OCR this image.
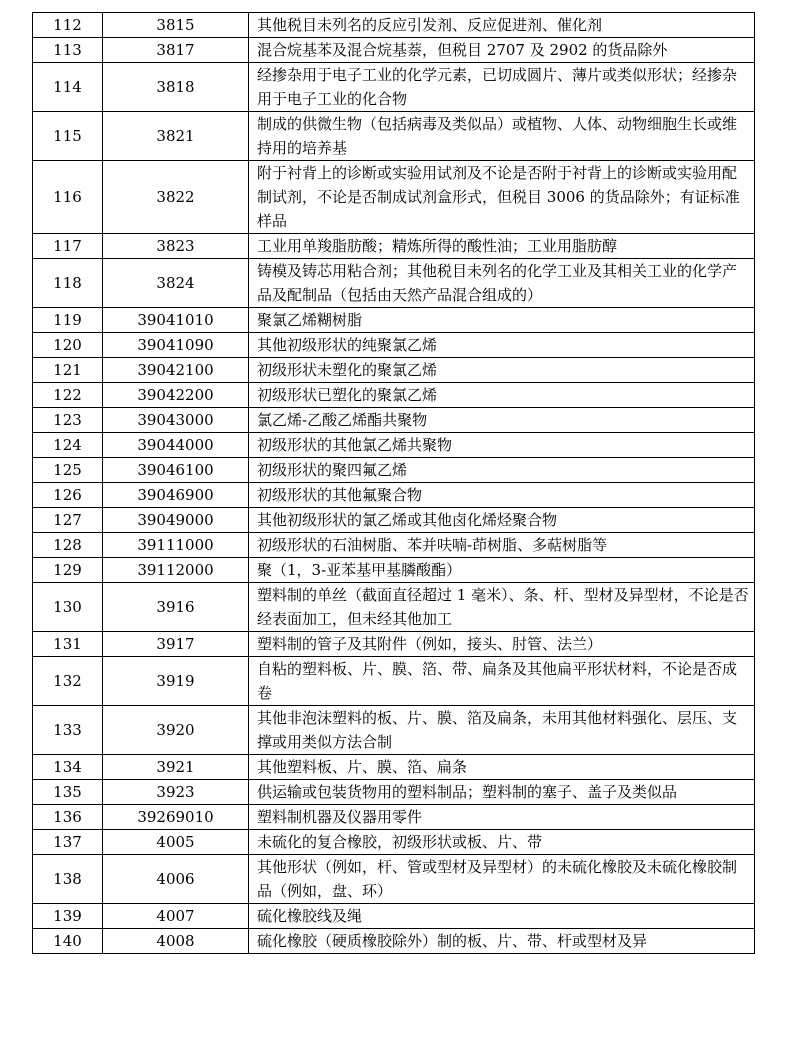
112	3815	其他税目未列名的反应引发剂、反应促进剂、催化剂
113	3817	混合烷基苯及混合烷基萘，但税目 2707 及 2902 的货品除外
114	3818	经掺杂用于电子工业的化学元素，已切成圆片、薄片或类似形状；经掺杂用于电子工业的化合物
115	3821	制成的供微生物（包括病毒及类似品）或植物、人体、动物细胞生长或维持用的培养基
116	3822	附于衬背上的诊断或实验用试剂及不论是否附于衬背上的诊断或实验用配制试剂，不论是否制成试剂盒形式，但税目 3006 的货品除外；有证标准样品
117	3823	工业用单羧脂肪酸；精炼所得的酸性油；工业用脂肪醇
118	3824	铸模及铸芯用粘合剂；其他税目未列名的化学工业及其相关工业的化学产品及配制品（包括由天然产品混合组成的）
119	39041010	聚氯乙烯糊树脂
120	39041090	其他初级形状的纯聚氯乙烯
121	39042100	初级形状未塑化的聚氯乙烯
122	39042200	初级形状已塑化的聚氯乙烯
123	39043000	氯乙烯-乙酸乙烯酯共聚物
124	39044000	初级形状的其他氯乙烯共聚物
125	39046100	初级形状的聚四氟乙烯
126	39046900	初级形状的其他氟聚合物
127	39049000	其他初级形状的氯乙烯或其他卤化烯烃聚合物
128	39111000	初级形状的石油树脂、苯并呋喃-茚树脂、多萜树脂等
129	39112000	聚（1，3-亚苯基甲基膦酸酯）
130	3916	塑料制的单丝（截面直径超过 1 毫米）、条、杆、型材及异型材，不论是否经表面加工，但未经其他加工
131	3917	塑料制的管子及其附件（例如，接头、肘管、法兰）
132	3919	自粘的塑料板、片、膜、箔、带、扁条及其他扁平形状材料，不论是否成卷
133	3920	其他非泡沫塑料的板、片、膜、箔及扁条，未用其他材料强化、层压、支撑或用类似方法合制
134	3921	其他塑料板、片、膜、箔、扁条
135	3923	供运输或包装货物用的塑料制品；塑料制的塞子、盖子及类似品
136	39269010	塑料制机器及仪器用零件
137	4005	未硫化的复合橡胶，初级形状或板、片、带
138	4006	其他形状（例如，杆、管或型材及异型材）的未硫化橡胶及未硫化橡胶制品（例如，盘、环）
139	4007	硫化橡胶线及绳
140	4008	硫化橡胶（硬质橡胶除外）制的板、片、带、杆或型材及异
